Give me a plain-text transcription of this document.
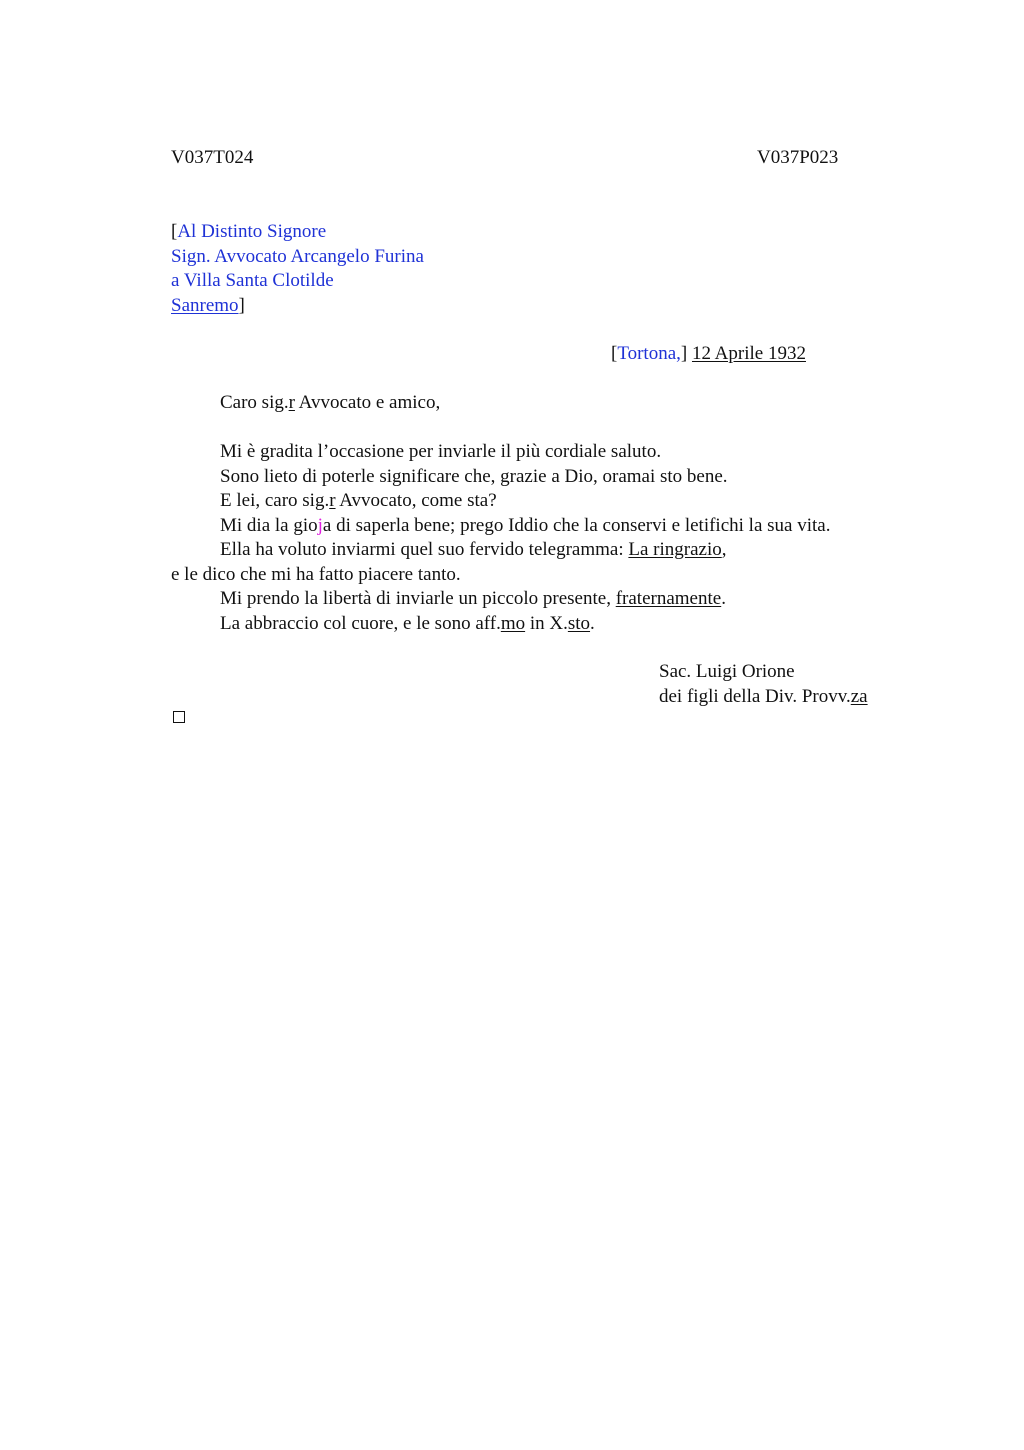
V037T024	V037P023
[Al Distinto Signore
Sign. Avvocato Arcangelo Furina
a Villa Santa Clotilde
Sanremo]
[Tortona,] 12 Aprile 1932
Caro sig.r Avvocato e amico,
Mi è gradita l’occasione per inviarle il più cordiale saluto.
Sono lieto di poterle significare che, grazie a Dio, oramai sto bene.
E lei, caro sig.r Avvocato, come sta?
Mi dia la gioja di saperla bene; prego Iddio che la conservi e letifichi la sua vita.
Ella ha voluto inviarmi quel suo fervido telegramma: La ringrazio,
e le dico che mi ha fatto piacere tanto.
Mi prendo la libertà di inviarle un piccolo presente, fraternamente.
La abbraccio col cuore, e le sono aff.mo in X.sto.
Sac. Luigi Orione
dei figli della Div. Provv.za
